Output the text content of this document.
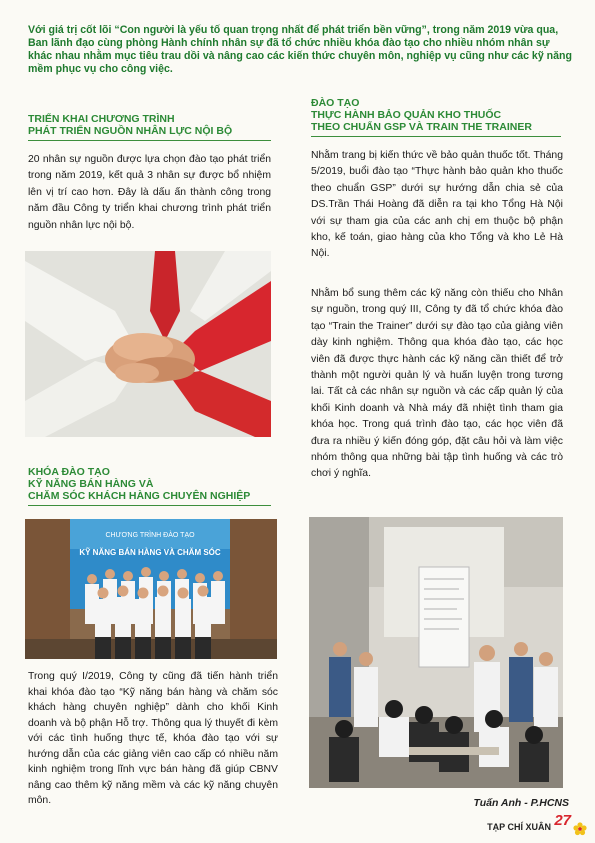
Với giá trị cốt lõi “Con người là yếu tố quan trọng nhất để phát triển bền vững”, trong năm 2019 vừa qua, Ban lãnh đạo cùng phòng Hành chính nhân sự đã tổ chức nhiều khóa đào tạo cho nhiều nhóm nhân sự khác nhau nhằm mục tiêu trau dồi và nâng cao các kiến thức chuyên môn, nghiệp vụ cũng như các kỹ năng mềm phục vụ cho công việc.

TRIỂN KHAI CHƯƠNG TRÌNH
PHÁT TRIỂN NGUỒN NHÂN LỰC NỘI BỘ

20 nhân sự nguồn được lựa chọn đào tạo phát triển trong năm 2019, kết quả 3 nhân sự được bổ nhiệm lên vị trí cao hơn. Đây là dấu ấn thành công trong năm đầu Công ty triển khai chương trình phát triển nguồn nhân lực nội bộ.

KHÓA ĐÀO TẠO
KỸ NĂNG BÁN HÀNG VÀ
CHĂM SÓC KHÁCH HÀNG CHUYÊN NGHIỆP
CHƯƠNG TRÌNH ĐÀO TẠO
KỸ NĂNG BÁN HÀNG VÀ CHĂM SÓC

Trong quý I/2019, Công ty cũng đã tiến hành triển khai khóa đào tạo “Kỹ năng bán hàng và chăm sóc khách hàng chuyên nghiệp” dành cho khối Kinh doanh và bộ phận Hỗ trợ. Thông qua lý thuyết đi kèm với các tình huống thực tế, khóa đào tạo với sự hướng dẫn của các giảng viên cao cấp có nhiều năm kinh nghiệm trong lĩnh vực bán hàng đã giúp CBNV nâng cao thêm kỹ năng mềm và các kỹ năng chuyên môn.

ĐÀO TẠO
THỰC HÀNH BẢO QUẢN KHO THUỐC
THEO CHUẨN GSP VÀ TRAIN THE TRAINER

Nhằm trang bị kiến thức về bảo quản thuốc tốt. Tháng 5/2019, buổi đào tạo “Thực hành bảo quản kho thuốc theo chuẩn GSP” dưới sự hướng dẫn chia sẻ của DS.Trần Thái Hoàng đã diễn ra tại kho Tổng Hà Nội với sự tham gia của các anh chị em thuộc bộ phận kho, kế toán, giao hàng của kho Tổng và kho Lẻ Hà Nội.

Nhằm bổ sung thêm các kỹ năng còn thiếu cho Nhân sự nguồn, trong quý III, Công ty đã tổ chức khóa đào tạo “Train the Trainer” dưới sự đào tạo của giảng viên dày kinh nghiệm. Thông qua khóa đào tạo, các học viên đã được thực hành các kỹ năng cần thiết để trở thành một người quản lý và huấn luyện trong tương lai. Tất cả các nhân sự nguồn và các cấp quản lý của khối Kinh doanh và Nhà máy đã nhiệt tình tham gia khóa học. Trong quá trình đào tạo, các học viên đã đưa ra nhiều ý kiến đóng góp, đặt câu hỏi và làm việc nhóm thông qua những bài tập tình huống và các trò chơi ý nghĩa.

Tuấn Anh - P.HCNS
TẠP CHÍ XUÂN 27
